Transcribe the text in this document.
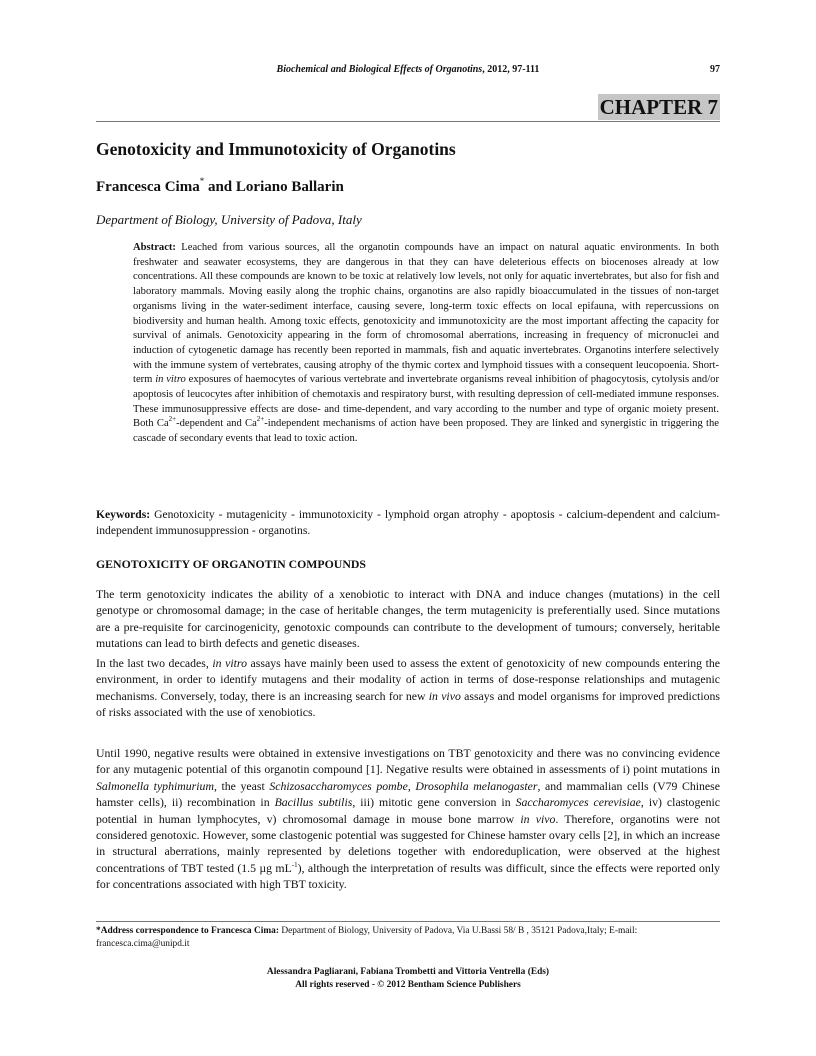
Biochemical and Biological Effects of Organotins, 2012, 97-111	97
CHAPTER 7
Genotoxicity and Immunotoxicity of Organotins
Francesca Cima* and Loriano Ballarin
Department of Biology, University of Padova, Italy
Abstract: Leached from various sources, all the organotin compounds have an impact on natural aquatic environments. In both freshwater and seawater ecosystems, they are dangerous in that they can have deleterious effects on biocenoses already at low concentrations. All these compounds are known to be toxic at relatively low levels, not only for aquatic invertebrates, but also for fish and laboratory mammals. Moving easily along the trophic chains, organotins are also rapidly bioaccumulated in the tissues of non-target organisms living in the water-sediment interface, causing severe, long-term toxic effects on local epifauna, with repercussions on biodiversity and human health. Among toxic effects, genotoxicity and immunotoxicity are the most important affecting the capacity for survival of animals. Genotoxicity appearing in the form of chromosomal aberrations, increasing in frequency of micronuclei and induction of cytogenetic damage has recently been reported in mammals, fish and aquatic invertebrates. Organotins interfere selectively with the immune system of vertebrates, causing atrophy of the thymic cortex and lymphoid tissues with a consequent leucopoenia. Short-term in vitro exposures of haemocytes of various vertebrate and invertebrate organisms reveal inhibition of phagocytosis, cytolysis and/or apoptosis of leucocytes after inhibition of chemotaxis and respiratory burst, with resulting depression of cell-mediated immune responses. These immunosuppressive effects are dose- and time-dependent, and vary according to the number and type of organic moiety present. Both $Ca^{2+}$-dependent and $Ca^{2+}$-independent mechanisms of action have been proposed. They are linked and synergistic in triggering the cascade of secondary events that lead to toxic action.
Keywords: Genotoxicity - mutagenicity - immunotoxicity - lymphoid organ atrophy - apoptosis - calcium-dependent and calcium-independent immunosuppression - organotins.
GENOTOXICITY OF ORGANOTIN COMPOUNDS
The term genotoxicity indicates the ability of a xenobiotic to interact with DNA and induce changes (mutations) in the cell genotype or chromosomal damage; in the case of heritable changes, the term mutagenicity is preferentially used. Since mutations are a pre-requisite for carcinogenicity, genotoxic compounds can contribute to the development of tumours; conversely, heritable mutations can lead to birth defects and genetic diseases.
In the last two decades, in vitro assays have mainly been used to assess the extent of genotoxicity of new compounds entering the environment, in order to identify mutagens and their modality of action in terms of dose-response relationships and mutagenic mechanisms. Conversely, today, there is an increasing search for new in vivo assays and model organisms for improved predictions of risks associated with the use of xenobiotics.
Until 1990, negative results were obtained in extensive investigations on TBT genotoxicity and there was no convincing evidence for any mutagenic potential of this organotin compound [1]. Negative results were obtained in assessments of i) point mutations in Salmonella typhimurium, the yeast Schizosaccharomyces pombe, Drosophila melanogaster, and mammalian cells (V79 Chinese hamster cells), ii) recombination in Bacillus subtilis, iii) mitotic gene conversion in Saccharomyces cerevisiae, iv) clastogenic potential in human lymphocytes, v) chromosomal damage in mouse bone marrow in vivo. Therefore, organotins were not considered genotoxic. However, some clastogenic potential was suggested for Chinese hamster ovary cells [2], in which an increase in structural aberrations, mainly represented by deletions together with endoreduplication, were observed at the highest concentrations of TBT tested (1.5 µg $mL^{-1}$), although the interpretation of results was difficult, since the effects were reported only for concentrations associated with high TBT toxicity.
*Address correspondence to Francesca Cima: Department of Biology, University of Padova, Via U.Bassi 58/ B , 35121 Padova,Italy; E-mail: francesca.cima@unipd.it
Alessandra Pagliarani, Fabiana Trombetti and Vittoria Ventrella (Eds)
All rights reserved - © 2012 Bentham Science Publishers
